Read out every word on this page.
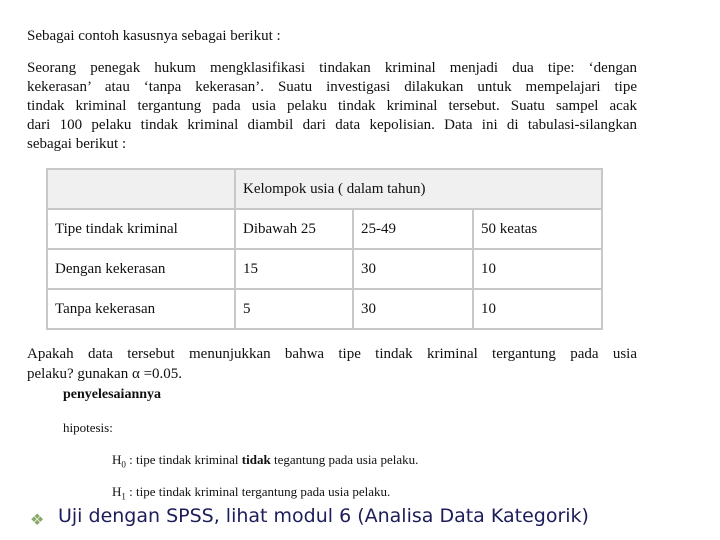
Sebagai contoh kasusnya sebagai berikut :
Seorang penegak hukum mengklasifikasi tindakan kriminal menjadi dua tipe: ‘dengan
kekerasan’ atau ‘tanpa kekerasan’. Suatu investigasi dilakukan untuk mempelajari tipe
tindak kriminal tergantung pada usia pelaku tindak kriminal tersebut. Suatu sampel acak
dari 100 pelaku tindak kriminal diambil dari data kepolisian. Data ini di tabulasi-silangkan
sebagai berikut :
	Kelompok usia ( dalam tahun)		
Tipe tindak kriminal	Dibawah 25	25-49	50 keatas
Dengan kekerasan	15	30	10
Tanpa kekerasan	5	30	10
Apakah data tersebut menunjukkan bahwa tipe tindak kriminal tergantung pada usia
pelaku? gunakan α =0.05.
penyelesaiannya
hipotesis:
$H_0$ : tipe tindak kriminal tidak tegantung pada usia pelaku.
$H_1$ : tipe tindak kriminal tergantung pada usia pelaku.
❖ Uji dengan SPSS, lihat modul 6 (Analisa Data Kategorik)
